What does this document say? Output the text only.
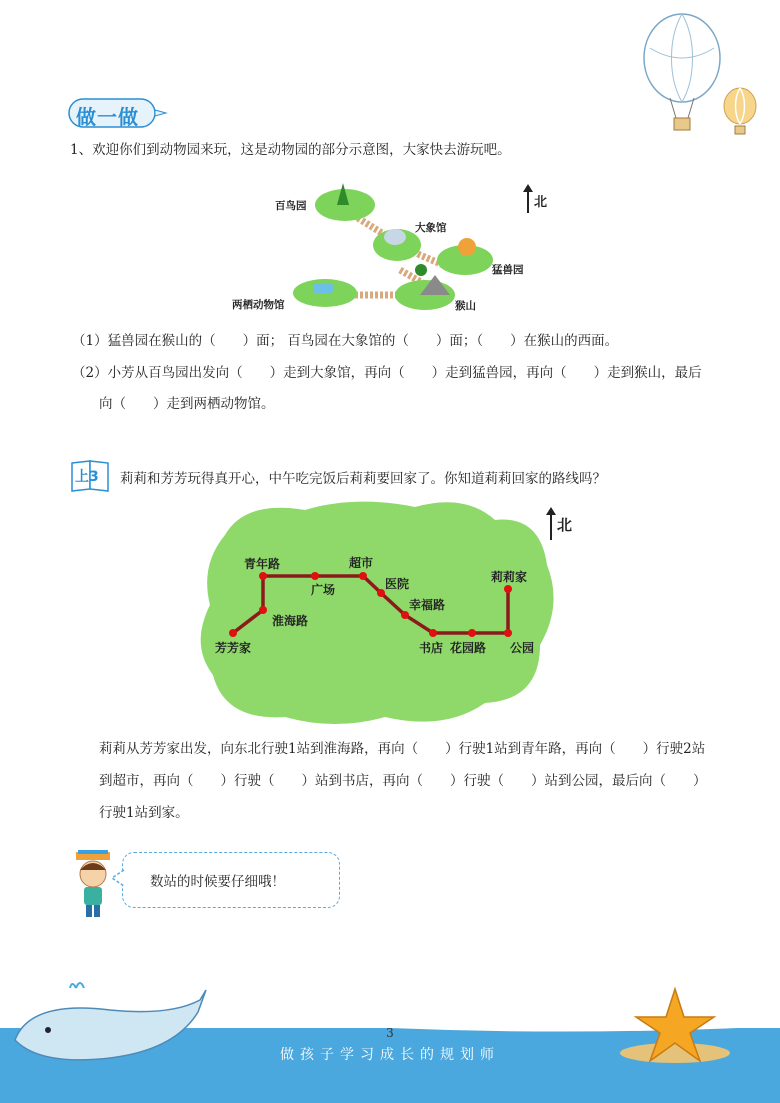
做一做
1、欢迎你们到动物园来玩，这是动物园的部分示意图，大家快去游玩吧。
百鸟园
大象馆
猛兽园
猴山
两栖动物馆
北
（1）猛兽园在猴山的（　　）面； 百鸟园在大象馆的（　　）面；（　　）在猴山的西面。
（2）小芳从百鸟园出发向（　　）走到大象馆，再向（　　）走到猛兽园，再向（　　）走到猴山，最后
向（　　）走到两栖动物馆。
上3 莉莉和芳芳玩得真开心，中午吃完饭后莉莉要回家了。你知道莉莉回家的路线吗？
北
青年路	超市
广场	医院
幸福路
淮海路
芳芳家	书店 花园路 公园
莉莉家
莉莉从芳芳家出发，向东北行驶1站到淮海路，再向（　　）行驶1站到青年路，再向（　　）行驶2站
到超市，再向（　　）行驶（　　）站到书店，再向（　　）行驶（　　）站到公园，最后向（　　）
行驶1站到家。
数站的时候要仔细哦！
3
做孩子学习成长的规划师
